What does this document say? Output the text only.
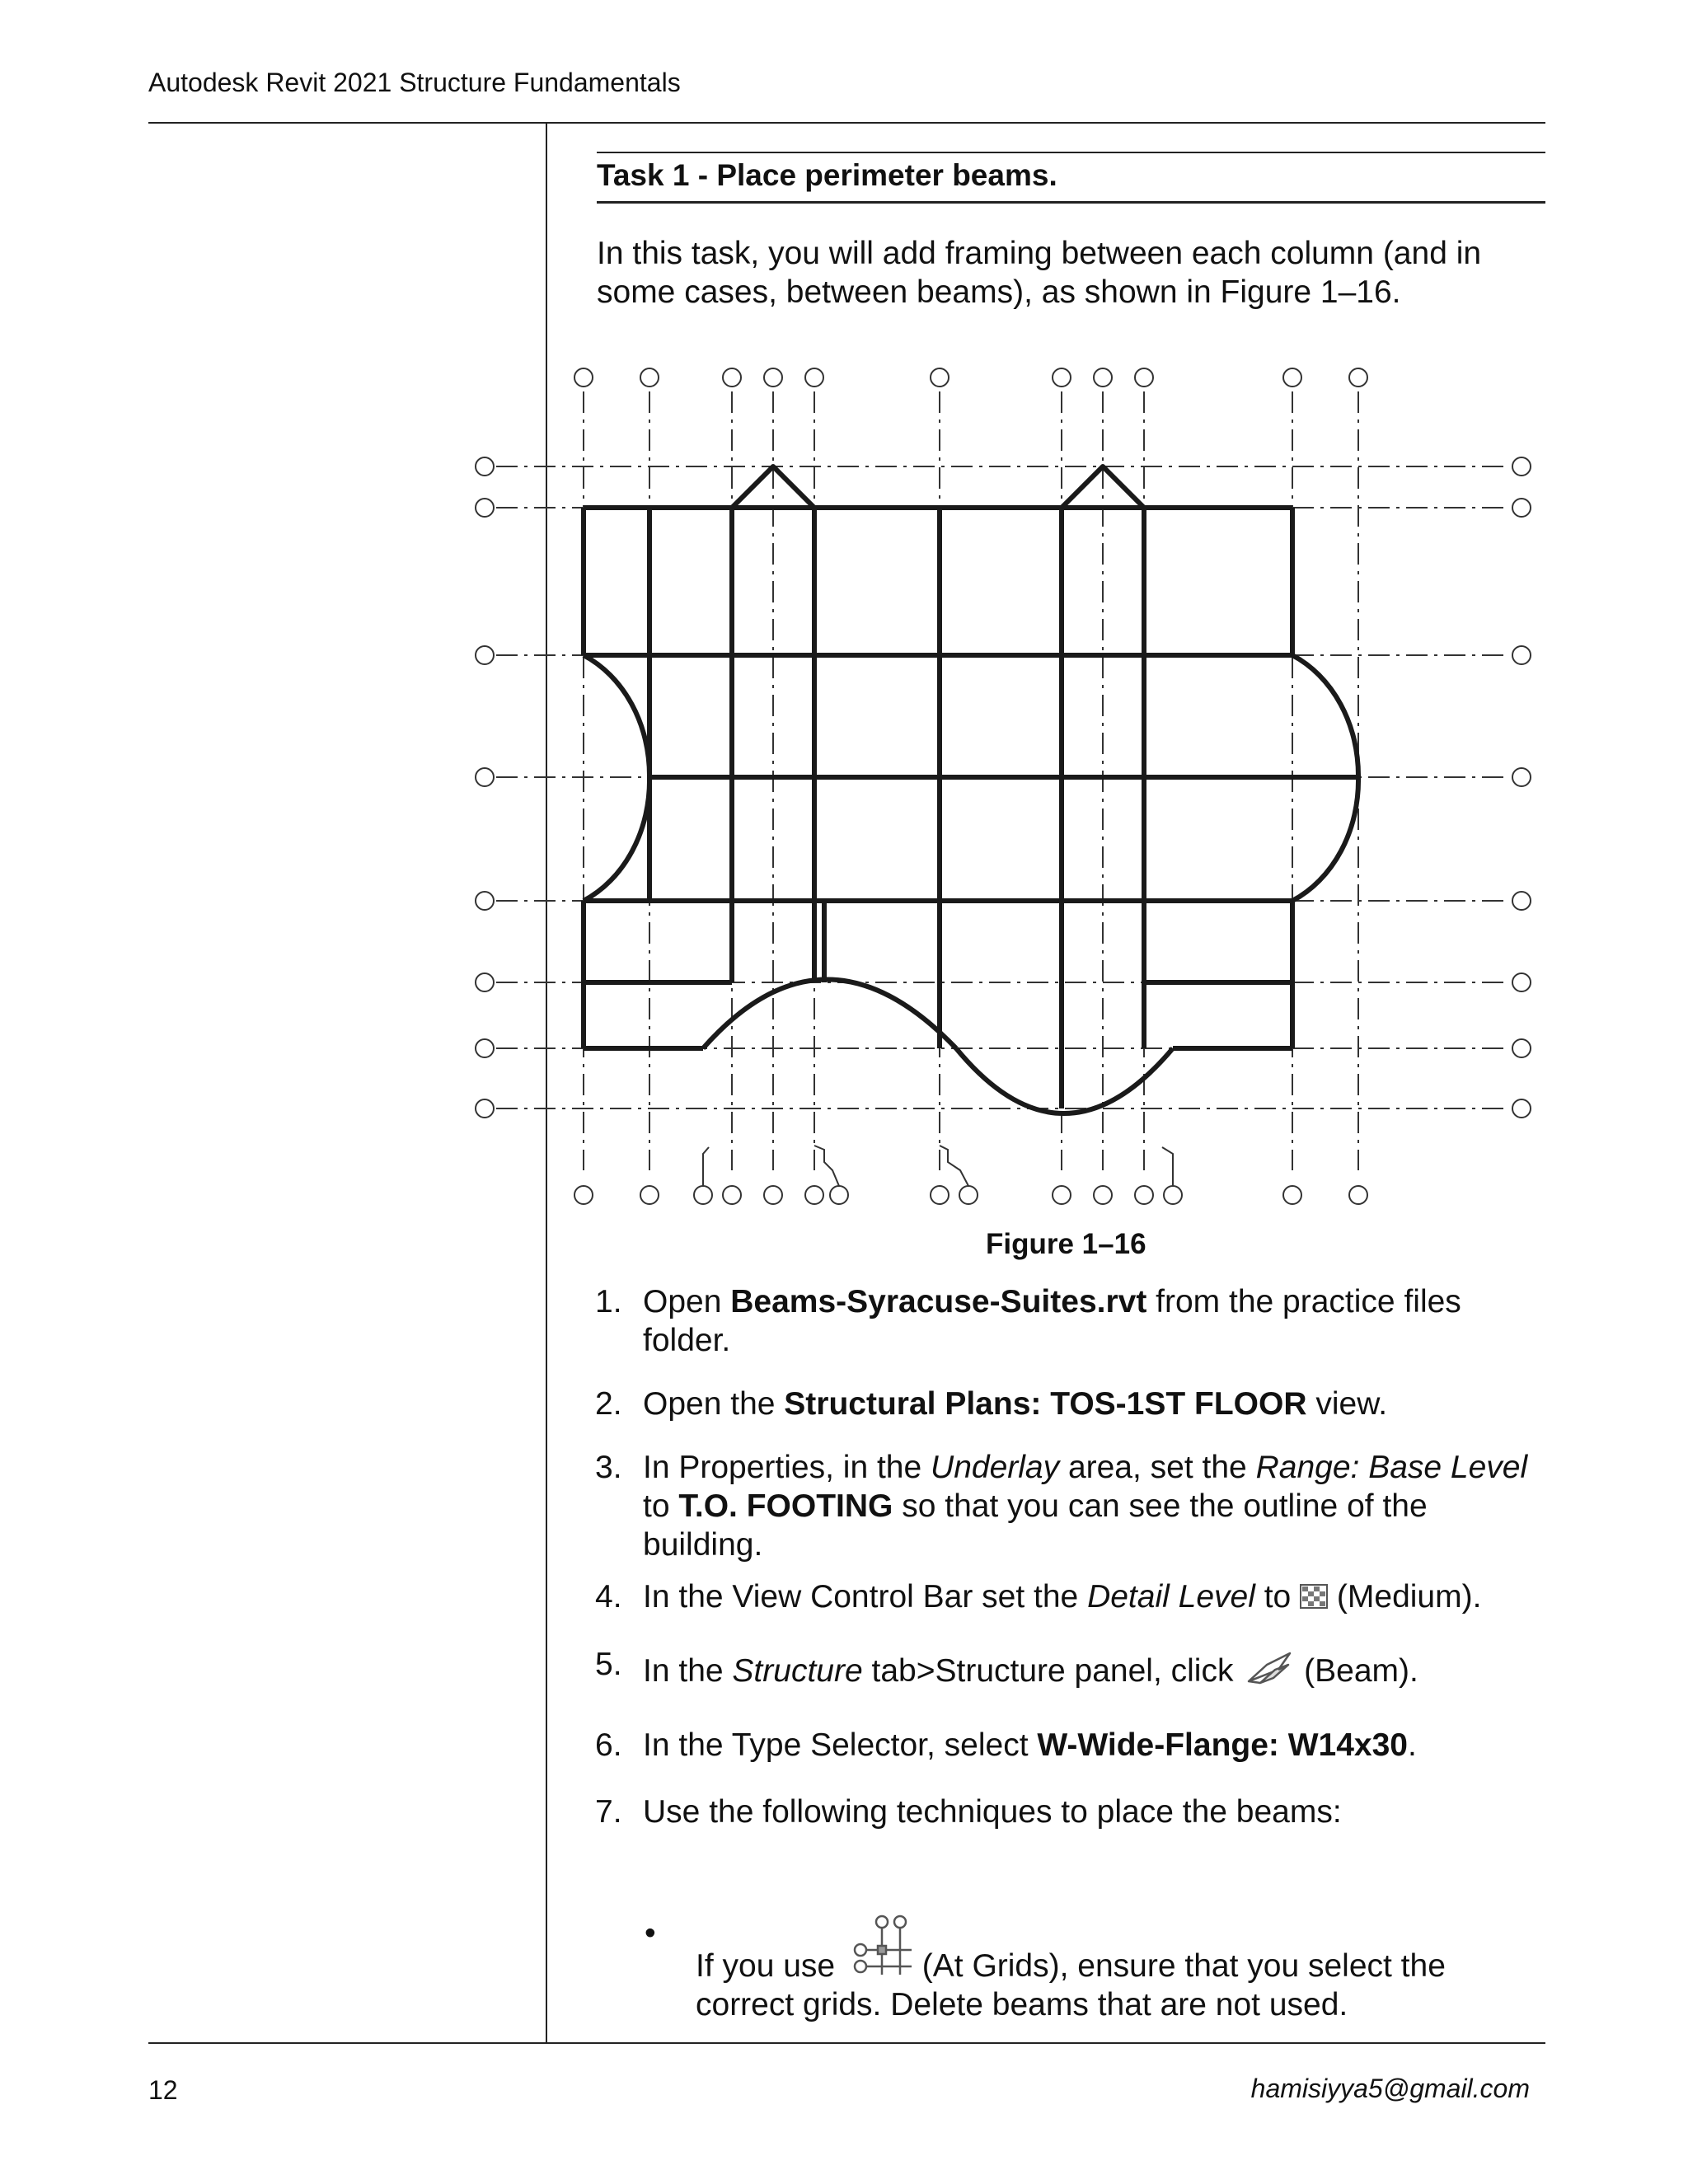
Autodesk Revit 2021 Structure Fundamentals
Task 1 - Place perimeter beams.
In this task, you will add framing between each column (and in some cases, between beams), as shown in Figure 1–16.
Figure 1–16
1. Open Beams-Syracuse-Suites.rvt from the practice files folder.
2. Open the Structural Plans: TOS-1ST FLOOR view.
3. In Properties, in the Underlay area, set the Range: Base Level to T.O. FOOTING so that you can see the outline of the building.
4. In the View Control Bar set the Detail Level to  (Medium).
5. In the Structure tab>Structure panel, click  (Beam).
6. In the Type Selector, select W-Wide-Flange: W14x30.
7. Use the following techniques to place the beams:
•
If you use  (At Grids), ensure that you select the correct grids. Delete beams that are not used.
12	hamisiyya5@gmail.com
